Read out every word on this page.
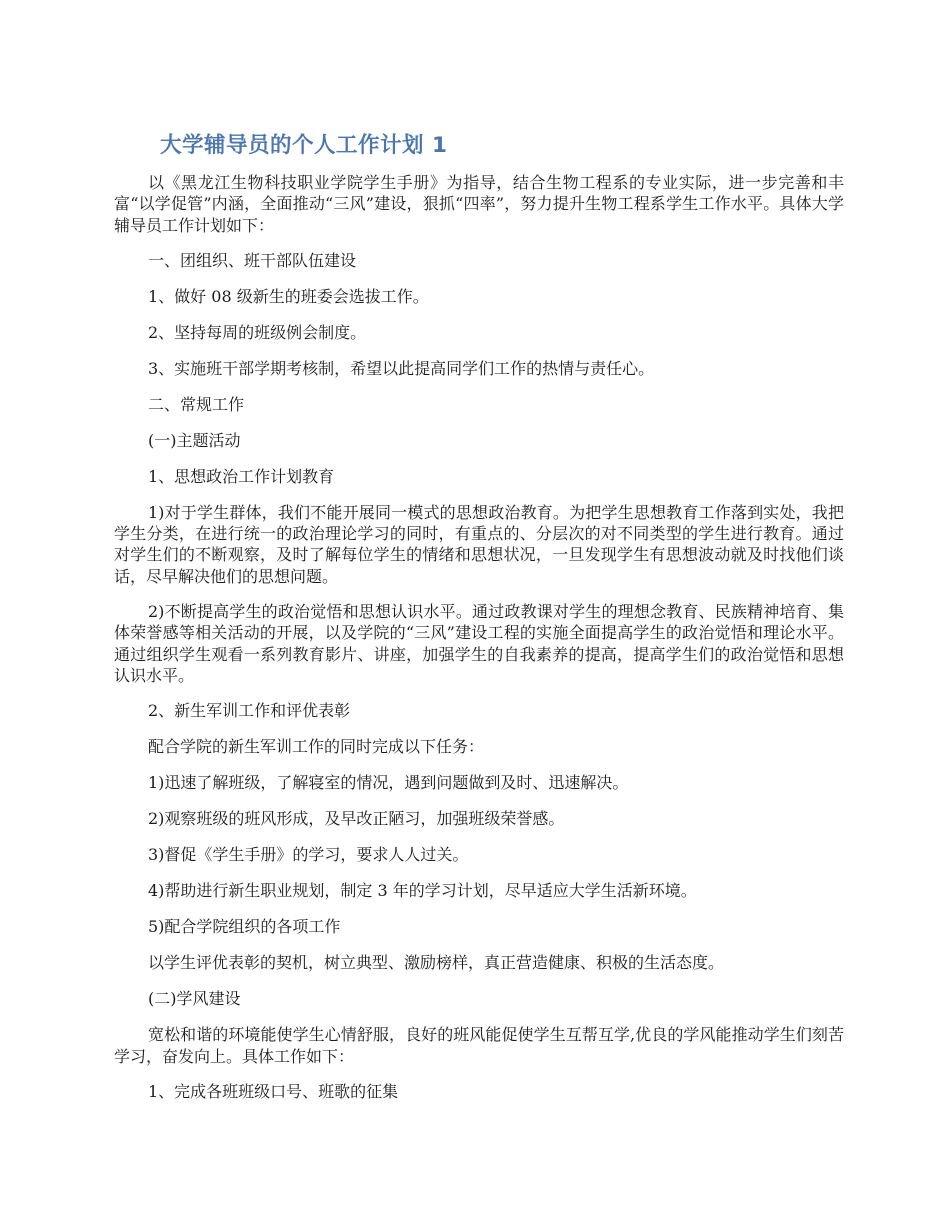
大学辅导员的个人工作计划 1

以《黑龙江生物科技职业学院学生手册》为指导，结合生物工程系的专业实际，进一步完善和丰富“以学促管”内涵，全面推动“三风”建设，狠抓“四率”，努力提升生物工程系学生工作水平。具体大学辅导员工作计划如下：

一、团组织、班干部队伍建设

1、做好 08 级新生的班委会选拔工作。

2、坚持每周的班级例会制度。

3、实施班干部学期考核制，希望以此提高同学们工作的热情与责任心。

二、常规工作

(一)主题活动

1、思想政治工作计划教育

1)对于学生群体，我们不能开展同一模式的思想政治教育。为把学生思想教育工作落到实处，我把学生分类，在进行统一的政治理论学习的同时，有重点的、分层次的对不同类型的学生进行教育。通过对学生们的不断观察，及时了解每位学生的情绪和思想状况，一旦发现学生有思想波动就及时找他们谈话，尽早解决他们的思想问题。

2)不断提高学生的政治觉悟和思想认识水平。通过政教课对学生的理想念教育、民族精神培育、集体荣誉感等相关活动的开展，以及学院的“三风”建设工程的实施全面提高学生的政治觉悟和理论水平。通过组织学生观看一系列教育影片、讲座，加强学生的自我素养的提高，提高学生们的政治觉悟和思想认识水平。

2、新生军训工作和评优表彰

配合学院的新生军训工作的同时完成以下任务：

1)迅速了解班级，了解寝室的情况，遇到问题做到及时、迅速解决。

2)观察班级的班风形成，及早改正陋习，加强班级荣誉感。

3)督促《学生手册》的学习，要求人人过关。

4)帮助进行新生职业规划，制定 3 年的学习计划，尽早适应大学生活新环境。

5)配合学院组织的各项工作

以学生评优表彰的契机，树立典型、激励榜样，真正营造健康、积极的生活态度。

(二)学风建设

宽松和谐的环境能使学生心情舒服，良好的班风能促使学生互帮互学,优良的学风能推动学生们刻苦学习，奋发向上。具体工作如下：

1、完成各班班级口号、班歌的征集
